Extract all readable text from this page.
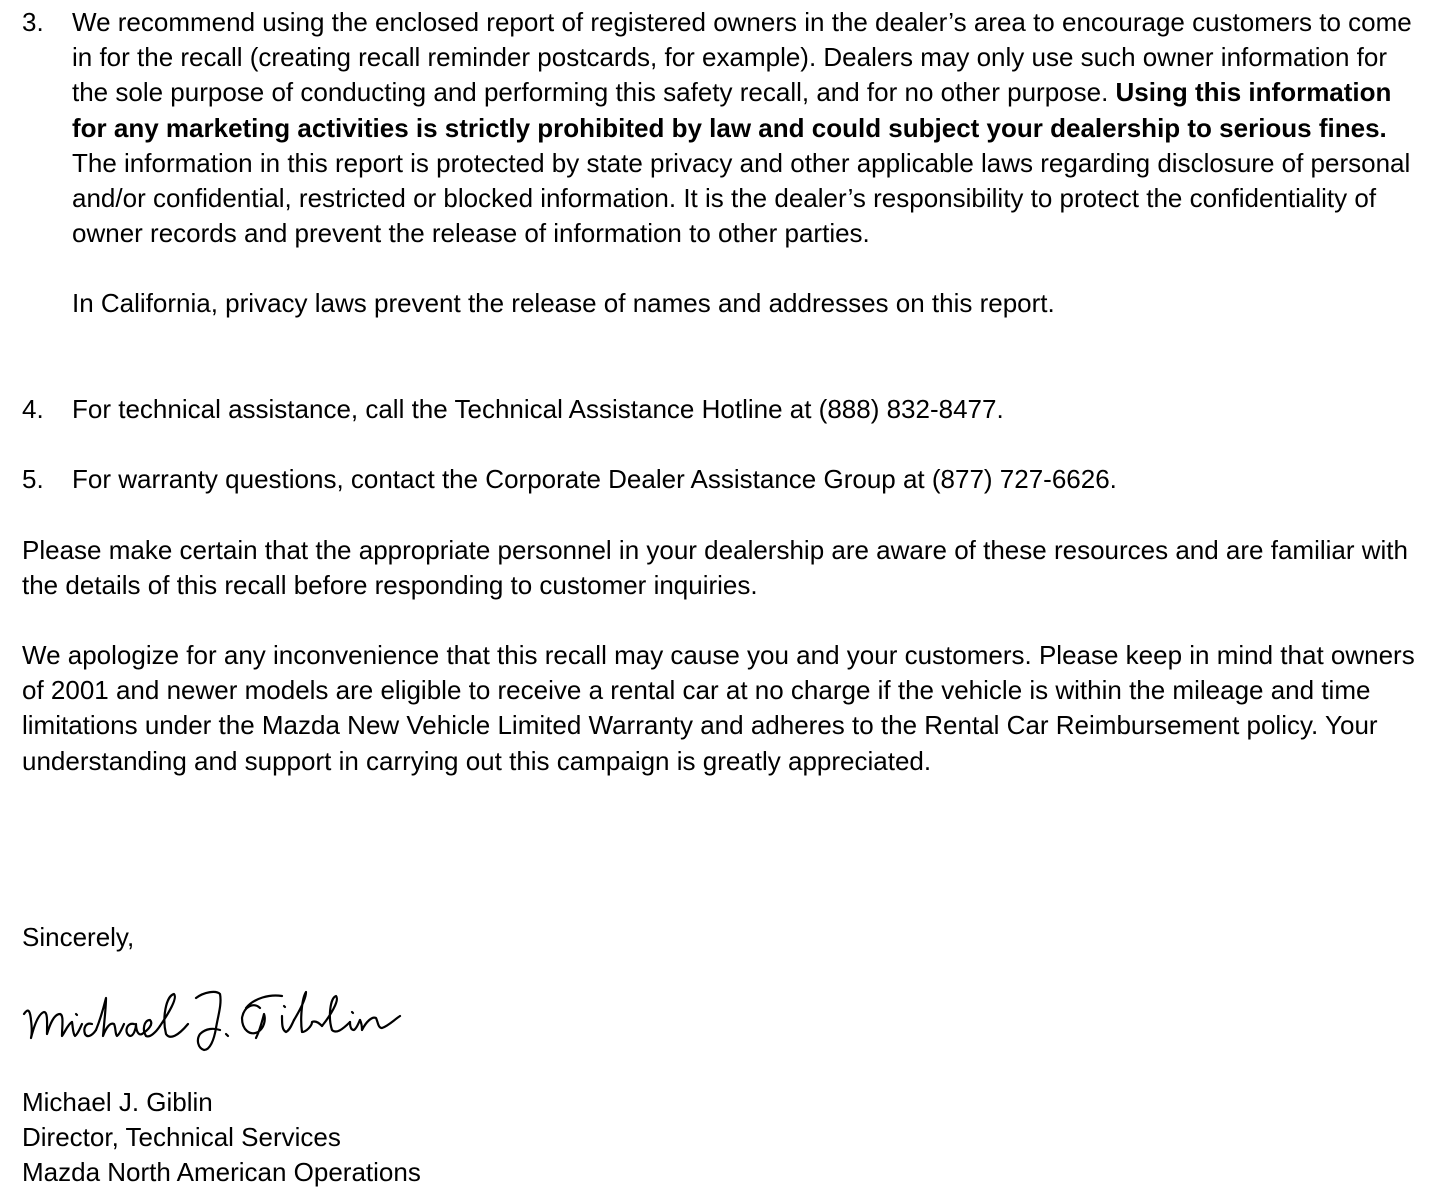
3. We recommend using the enclosed report of registered owners in the dealer’s area to encourage customers to come in for the recall (creating recall reminder postcards, for example). Dealers may only use such owner information for the sole purpose of conducting and performing this safety recall, and for no other purpose. Using this information for any marketing activities is strictly prohibited by law and could subject your dealership to serious fines. The information in this report is protected by state privacy and other applicable laws regarding disclosure of personal and/or confidential, restricted or blocked information. It is the dealer’s responsibility to protect the confidentiality of owner records and prevent the release of information to other parties.

In California, privacy laws prevent the release of names and addresses on this report.

4. For technical assistance, call the Technical Assistance Hotline at (888) 832-8477.
5. For warranty questions, contact the Corporate Dealer Assistance Group at (877) 727-6626.

Please make certain that the appropriate personnel in your dealership are aware of these resources and are familiar with the details of this recall before responding to customer inquiries.

We apologize for any inconvenience that this recall may cause you and your customers. Please keep in mind that owners of 2001 and newer models are eligible to receive a rental car at no charge if the vehicle is within the mileage and time limitations under the Mazda New Vehicle Limited Warranty and adheres to the Rental Car Reimbursement policy. Your understanding and support in carrying out this campaign is greatly appreciated.

Sincerely,

Michael J. Giblin
Director, Technical Services
Mazda North American Operations
